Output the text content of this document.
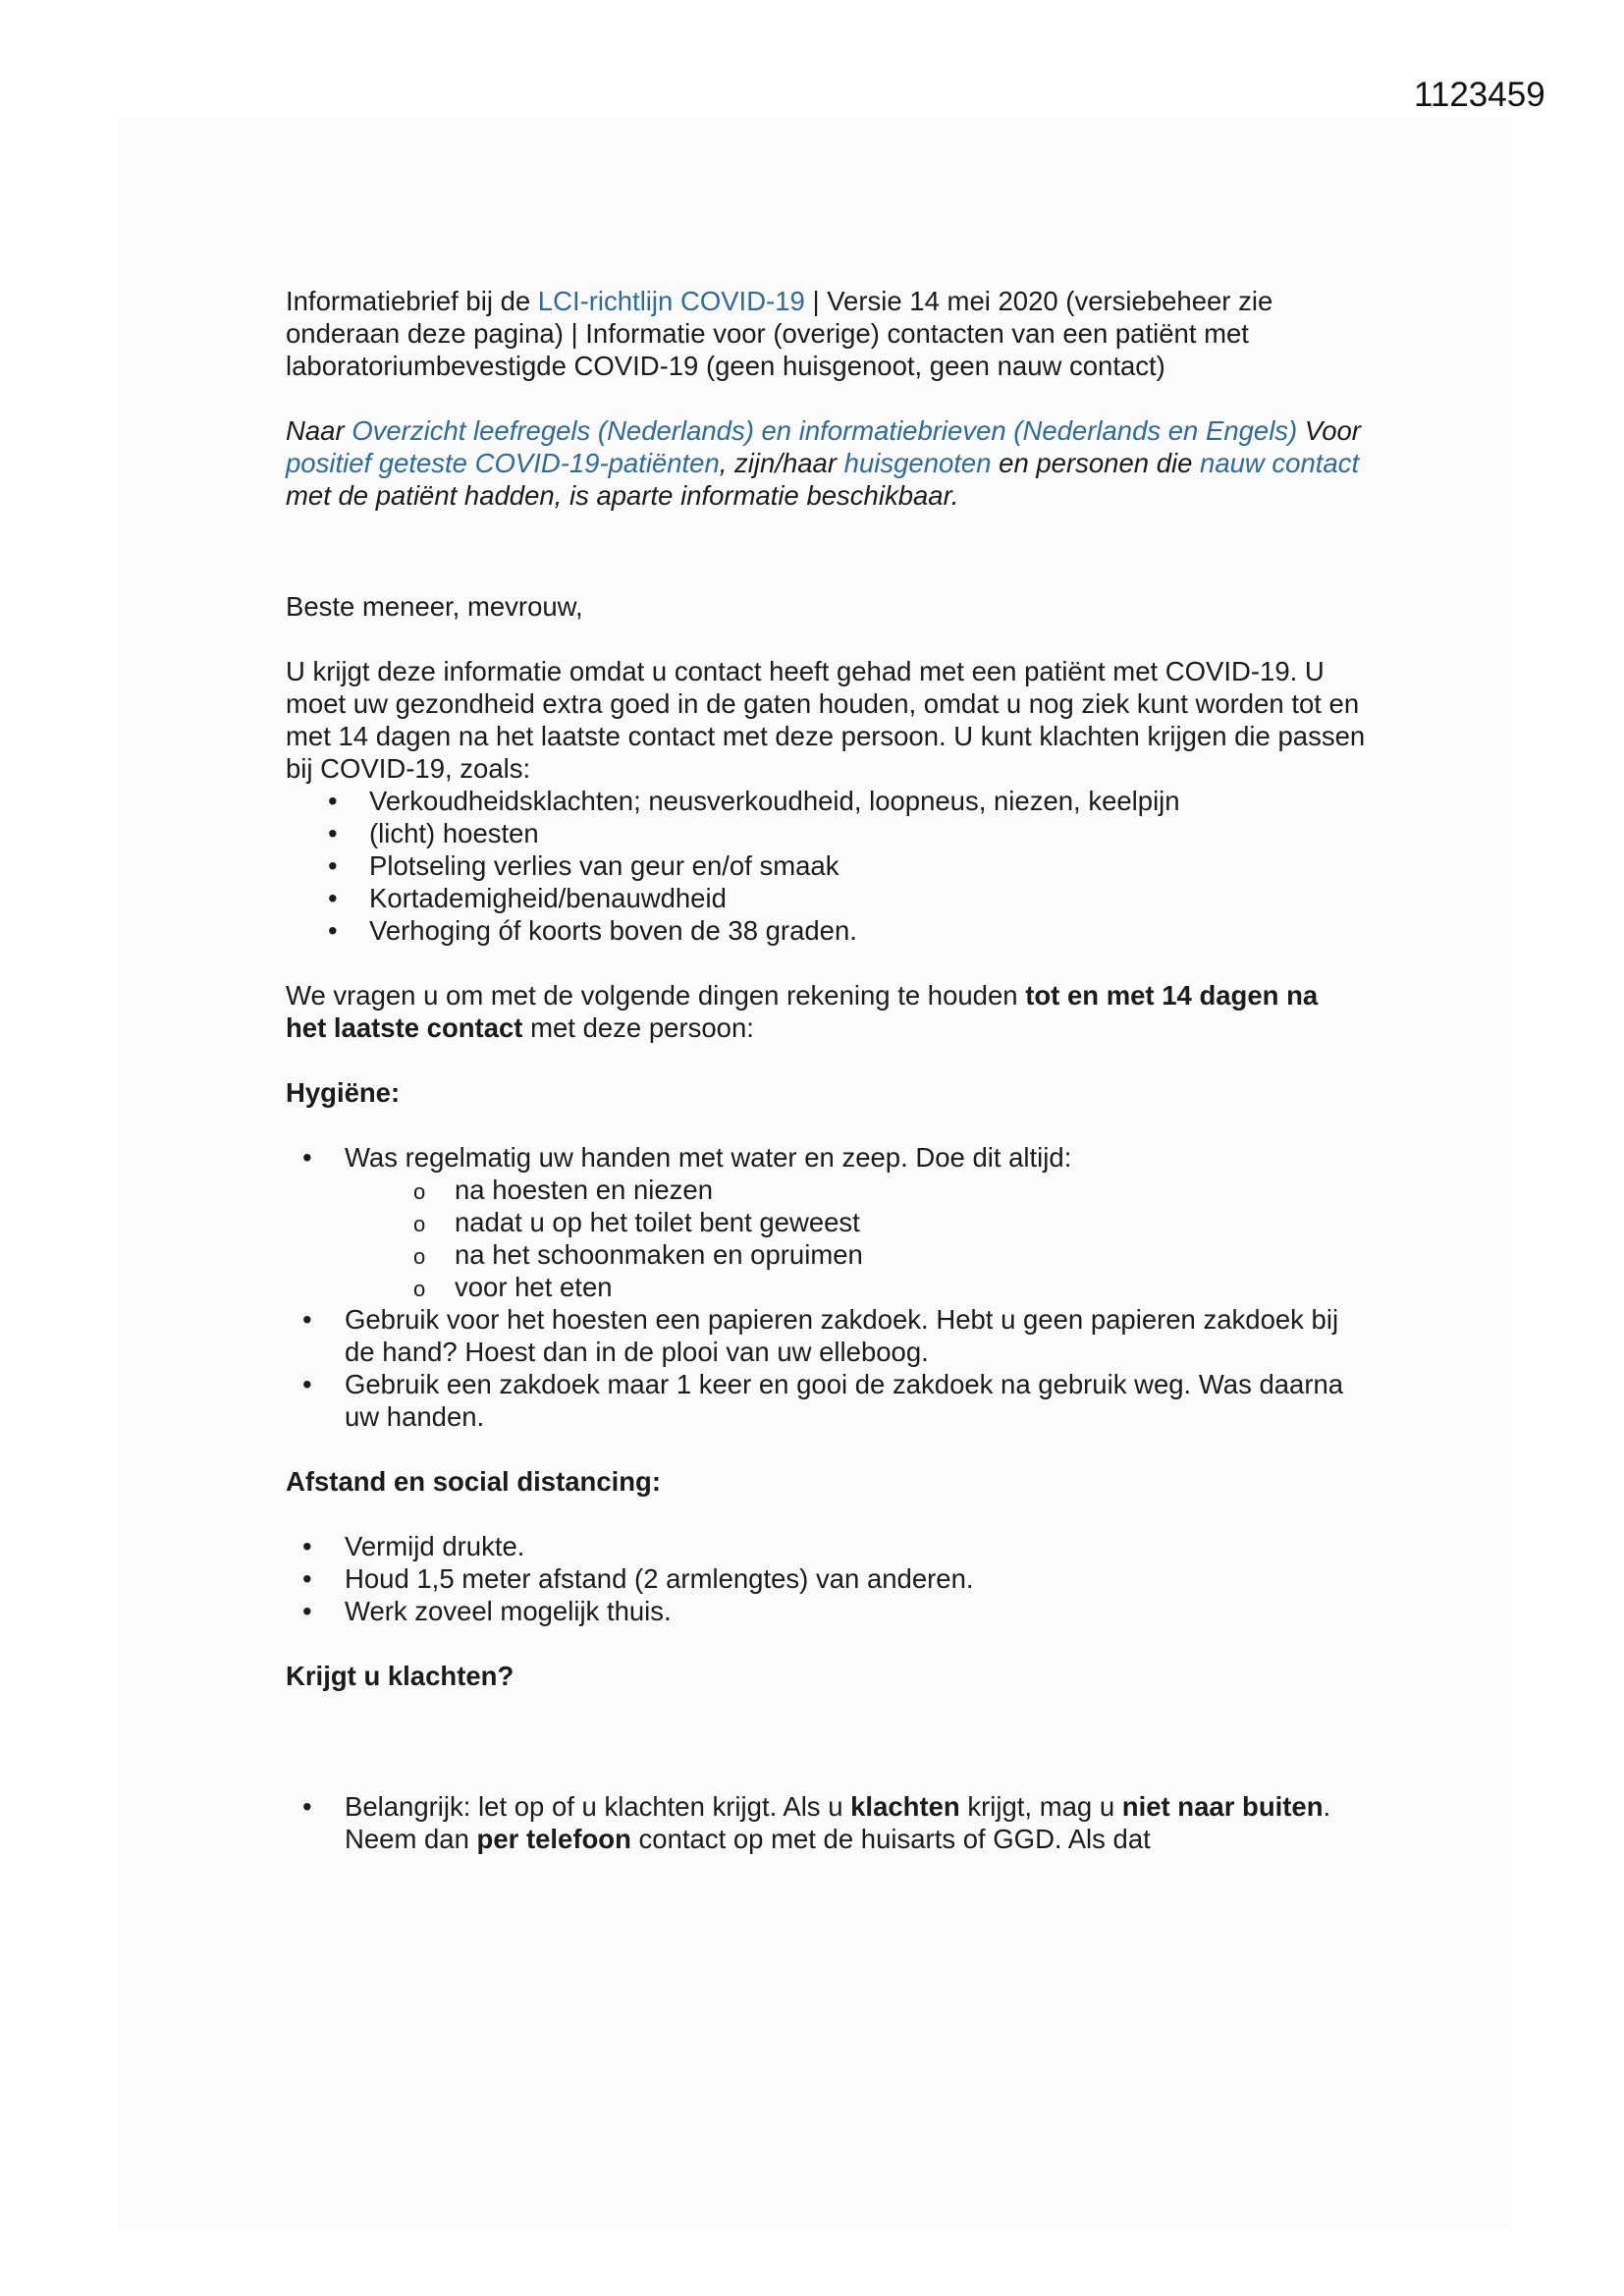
1123459

Informatiebrief bij de LCI-richtlijn COVID-19 | Versie 14 mei 2020 (versiebeheer zie onderaan deze pagina) | Informatie voor (overige) contacten van een patiënt met laboratoriumbevestigde COVID-19 (geen huisgenoot, geen nauw contact)

Naar Overzicht leefregels (Nederlands) en informatiebrieven (Nederlands en Engels) Voor positief geteste COVID-19-patiënten, zijn/haar huisgenoten en personen die nauw contact met de patiënt hadden, is aparte informatie beschikbaar.

Beste meneer, mevrouw,

U krijgt deze informatie omdat u contact heeft gehad met een patiënt met COVID-19. U moet uw gezondheid extra goed in de gaten houden, omdat u nog ziek kunt worden tot en met 14 dagen na het laatste contact met deze persoon. U kunt klachten krijgen die passen bij COVID-19, zoals:

• Verkoudheidsklachten; neusverkoudheid, loopneus, niezen, keelpijn
• (licht) hoesten
• Plotseling verlies van geur en/of smaak
• Kortademigheid/benauwdheid
• Verhoging óf koorts boven de 38 graden.

We vragen u om met de volgende dingen rekening te houden tot en met 14 dagen na het laatste contact met deze persoon:

Hygiëne:

• Was regelmatig uw handen met water en zeep. Doe dit altijd:
o na hoesten en niezen
o nadat u op het toilet bent geweest
o na het schoonmaken en opruimen
o voor het eten
• Gebruik voor het hoesten een papieren zakdoek. Hebt u geen papieren zakdoek bij de hand? Hoest dan in de plooi van uw elleboog.
• Gebruik een zakdoek maar 1 keer en gooi de zakdoek na gebruik weg. Was daarna uw handen.

Afstand en social distancing:

• Vermijd drukte.
• Houd 1,5 meter afstand (2 armlengtes) van anderen.
• Werk zoveel mogelijk thuis.

Krijgt u klachten?

• Belangrijk: let op of u klachten krijgt. Als u klachten krijgt, mag u niet naar buiten. Neem dan per telefoon contact op met de huisarts of GGD. Als dat
